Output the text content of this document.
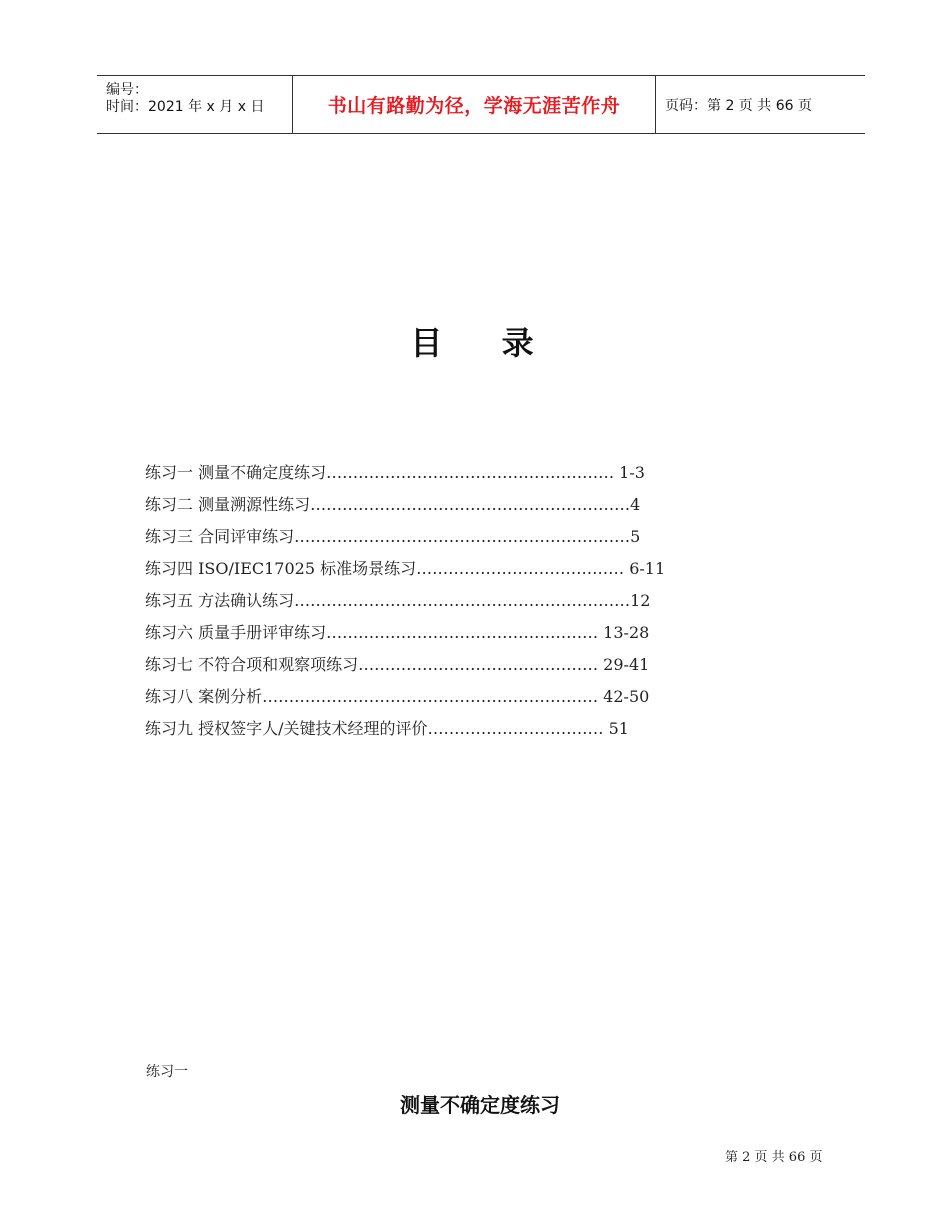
编号：
时间：2021 年 x 月 x 日	书山有路勤为径，学海无涯苦作舟	页码：第 2 页 共 66 页
目 录
练习一 测量不确定度练习……………………………………………… 1-3
练习二 测量溯源性练习……………………………………………………4
练习三 合同评审练习………………………………………………………5
练习四 ISO/IEC17025 标准场景练习………………………………… 6-11
练习五 方法确认练习………………………………………………………12
练习六 质量手册评审练习…………………………………………… 13-28
练习七 不符合项和观察项练习……………………………………… 29-41
练习八 案例分析……………………………………………………… 42-50
练习九 授权签字人/关键技术经理的评价…………………………… 51
练习一
测量不确定度练习
第 2 页 共 66 页
